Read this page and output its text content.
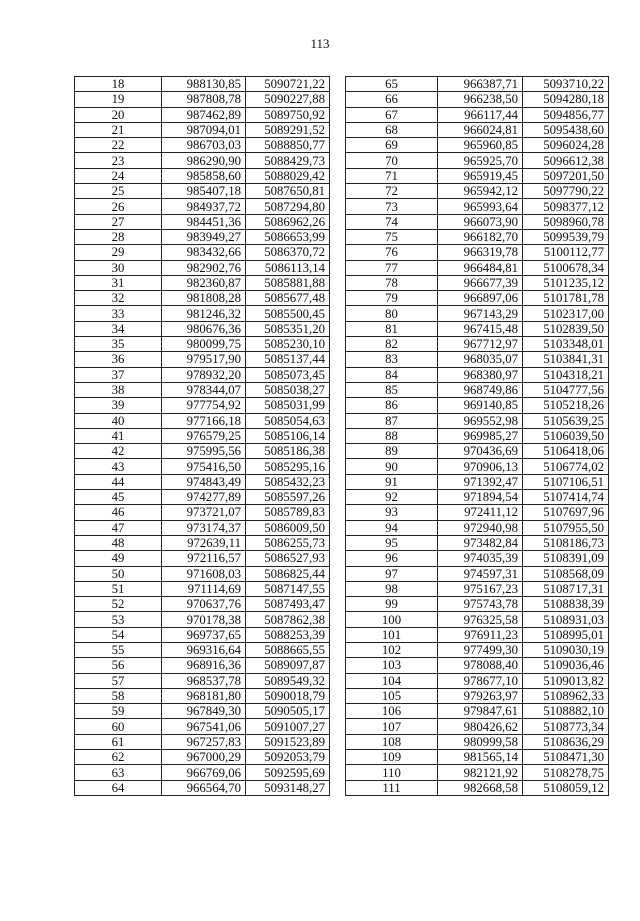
113
18	988130,85	5090721,22
19	987808,78	5090227,88
20	987462,89	5089750,92
21	987094,01	5089291,52
22	986703,03	5088850,77
23	986290,90	5088429,73
24	985858,60	5088029,42
25	985407,18	5087650,81
26	984937,72	5087294,80
27	984451,36	5086962,26
28	983949,27	5086653,99
29	983432,66	5086370,72
30	982902,76	5086113,14
31	982360,87	5085881,88
32	981808,28	5085677,48
33	981246,32	5085500,45
34	980676,36	5085351,20
35	980099,75	5085230,10
36	979517,90	5085137,44
37	978932,20	5085073,45
38	978344,07	5085038,27
39	977754,92	5085031,99
40	977166,18	5085054,63
41	976579,25	5085106,14
42	975995,56	5085186,38
43	975416,50	5085295,16
44	974843,49	5085432,23
45	974277,89	5085597,26
46	973721,07	5085789,83
47	973174,37	5086009,50
48	972639,11	5086255,73
49	972116,57	5086527,93
50	971608,03	5086825,44
51	971114,69	5087147,55
52	970637,76	5087493,47
53	970178,38	5087862,38
54	969737,65	5088253,39
55	969316,64	5088665,55
56	968916,36	5089097,87
57	968537,78	5089549,32
58	968181,80	5090018,79
59	967849,30	5090505,17
60	967541,06	5091007,27
61	967257,83	5091523,89
62	967000,29	5092053,79
63	966769,06	5092595,69
64	966564,70	5093148,27
65	966387,71	5093710,22
66	966238,50	5094280,18
67	966117,44	5094856,77
68	966024,81	5095438,60
69	965960,85	5096024,28
70	965925,70	5096612,38
71	965919,45	5097201,50
72	965942,12	5097790,22
73	965993,64	5098377,12
74	966073,90	5098960,78
75	966182,70	5099539,79
76	966319,78	5100112,77
77	966484,81	5100678,34
78	966677,39	5101235,12
79	966897,06	5101781,78
80	967143,29	5102317,00
81	967415,48	5102839,50
82	967712,97	5103348,01
83	968035,07	5103841,31
84	968380,97	5104318,21
85	968749,86	5104777,56
86	969140,85	5105218,26
87	969552,98	5105639,25
88	969985,27	5106039,50
89	970436,69	5106418,06
90	970906,13	5106774,02
91	971392,47	5107106,51
92	971894,54	5107414,74
93	972411,12	5107697,96
94	972940,98	5107955,50
95	973482,84	5108186,73
96	974035,39	5108391,09
97	974597,31	5108568,09
98	975167,23	5108717,31
99	975743,78	5108838,39
100	976325,58	5108931,03
101	976911,23	5108995,01
102	977499,30	5109030,19
103	978088,40	5109036,46
104	978677,10	5109013,82
105	979263,97	5108962,33
106	979847,61	5108882,10
107	980426,62	5108773,34
108	980999,58	5108636,29
109	981565,14	5108471,30
110	982121,92	5108278,75
111	982668,58	5108059,12
